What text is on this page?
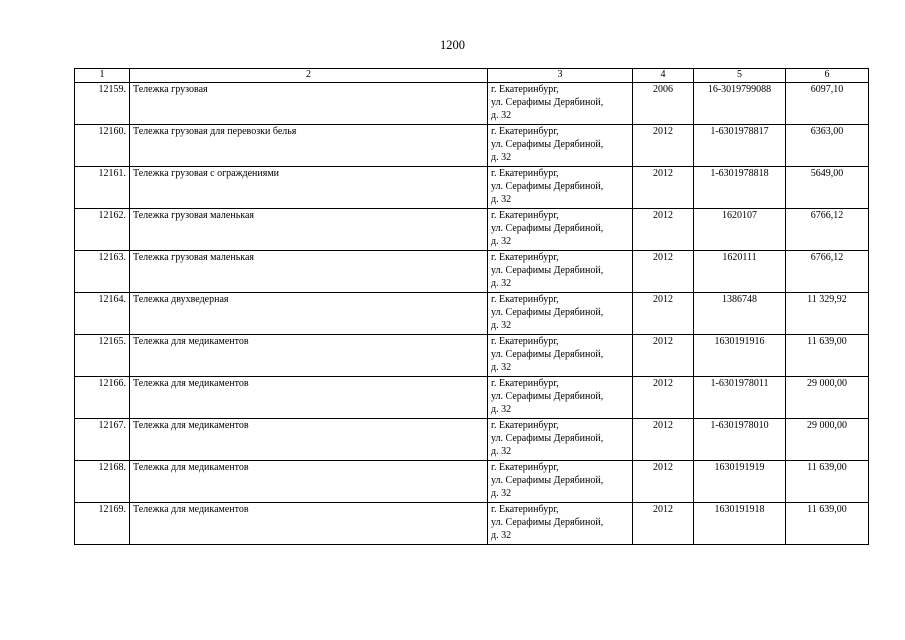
1200
1	2	3	4	5	6
12159.	Тележка грузовая	г. Екатеринбург,
ул. Серафимы Дерябиной,
д. 32	2006	16-3019799088	6097,10
12160.	Тележка грузовая для перевозки белья	г. Екатеринбург,
ул. Серафимы Дерябиной,
д. 32	2012	1-6301978817	6363,00
12161.	Тележка грузовая с ограждениями	г. Екатеринбург,
ул. Серафимы Дерябиной,
д. 32	2012	1-6301978818	5649,00
12162.	Тележка грузовая маленькая	г. Екатеринбург,
ул. Серафимы Дерябиной,
д. 32	2012	1620107	6766,12
12163.	Тележка грузовая маленькая	г. Екатеринбург,
ул. Серафимы Дерябиной,
д. 32	2012	1620111	6766,12
12164.	Тележка двухведерная	г. Екатеринбург,
ул. Серафимы Дерябиной,
д. 32	2012	1386748	11 329,92
12165.	Тележка для медикаментов	г. Екатеринбург,
ул. Серафимы Дерябиной,
д. 32	2012	1630191916	11 639,00
12166.	Тележка для медикаментов	г. Екатеринбург,
ул. Серафимы Дерябиной,
д. 32	2012	1-6301978011	29 000,00
12167.	Тележка для медикаментов	г. Екатеринбург,
ул. Серафимы Дерябиной,
д. 32	2012	1-6301978010	29 000,00
12168.	Тележка для медикаментов	г. Екатеринбург,
ул. Серафимы Дерябиной,
д. 32	2012	1630191919	11 639,00
12169.	Тележка для медикаментов	г. Екатеринбург,
ул. Серафимы Дерябиной,
д. 32	2012	1630191918	11 639,00
